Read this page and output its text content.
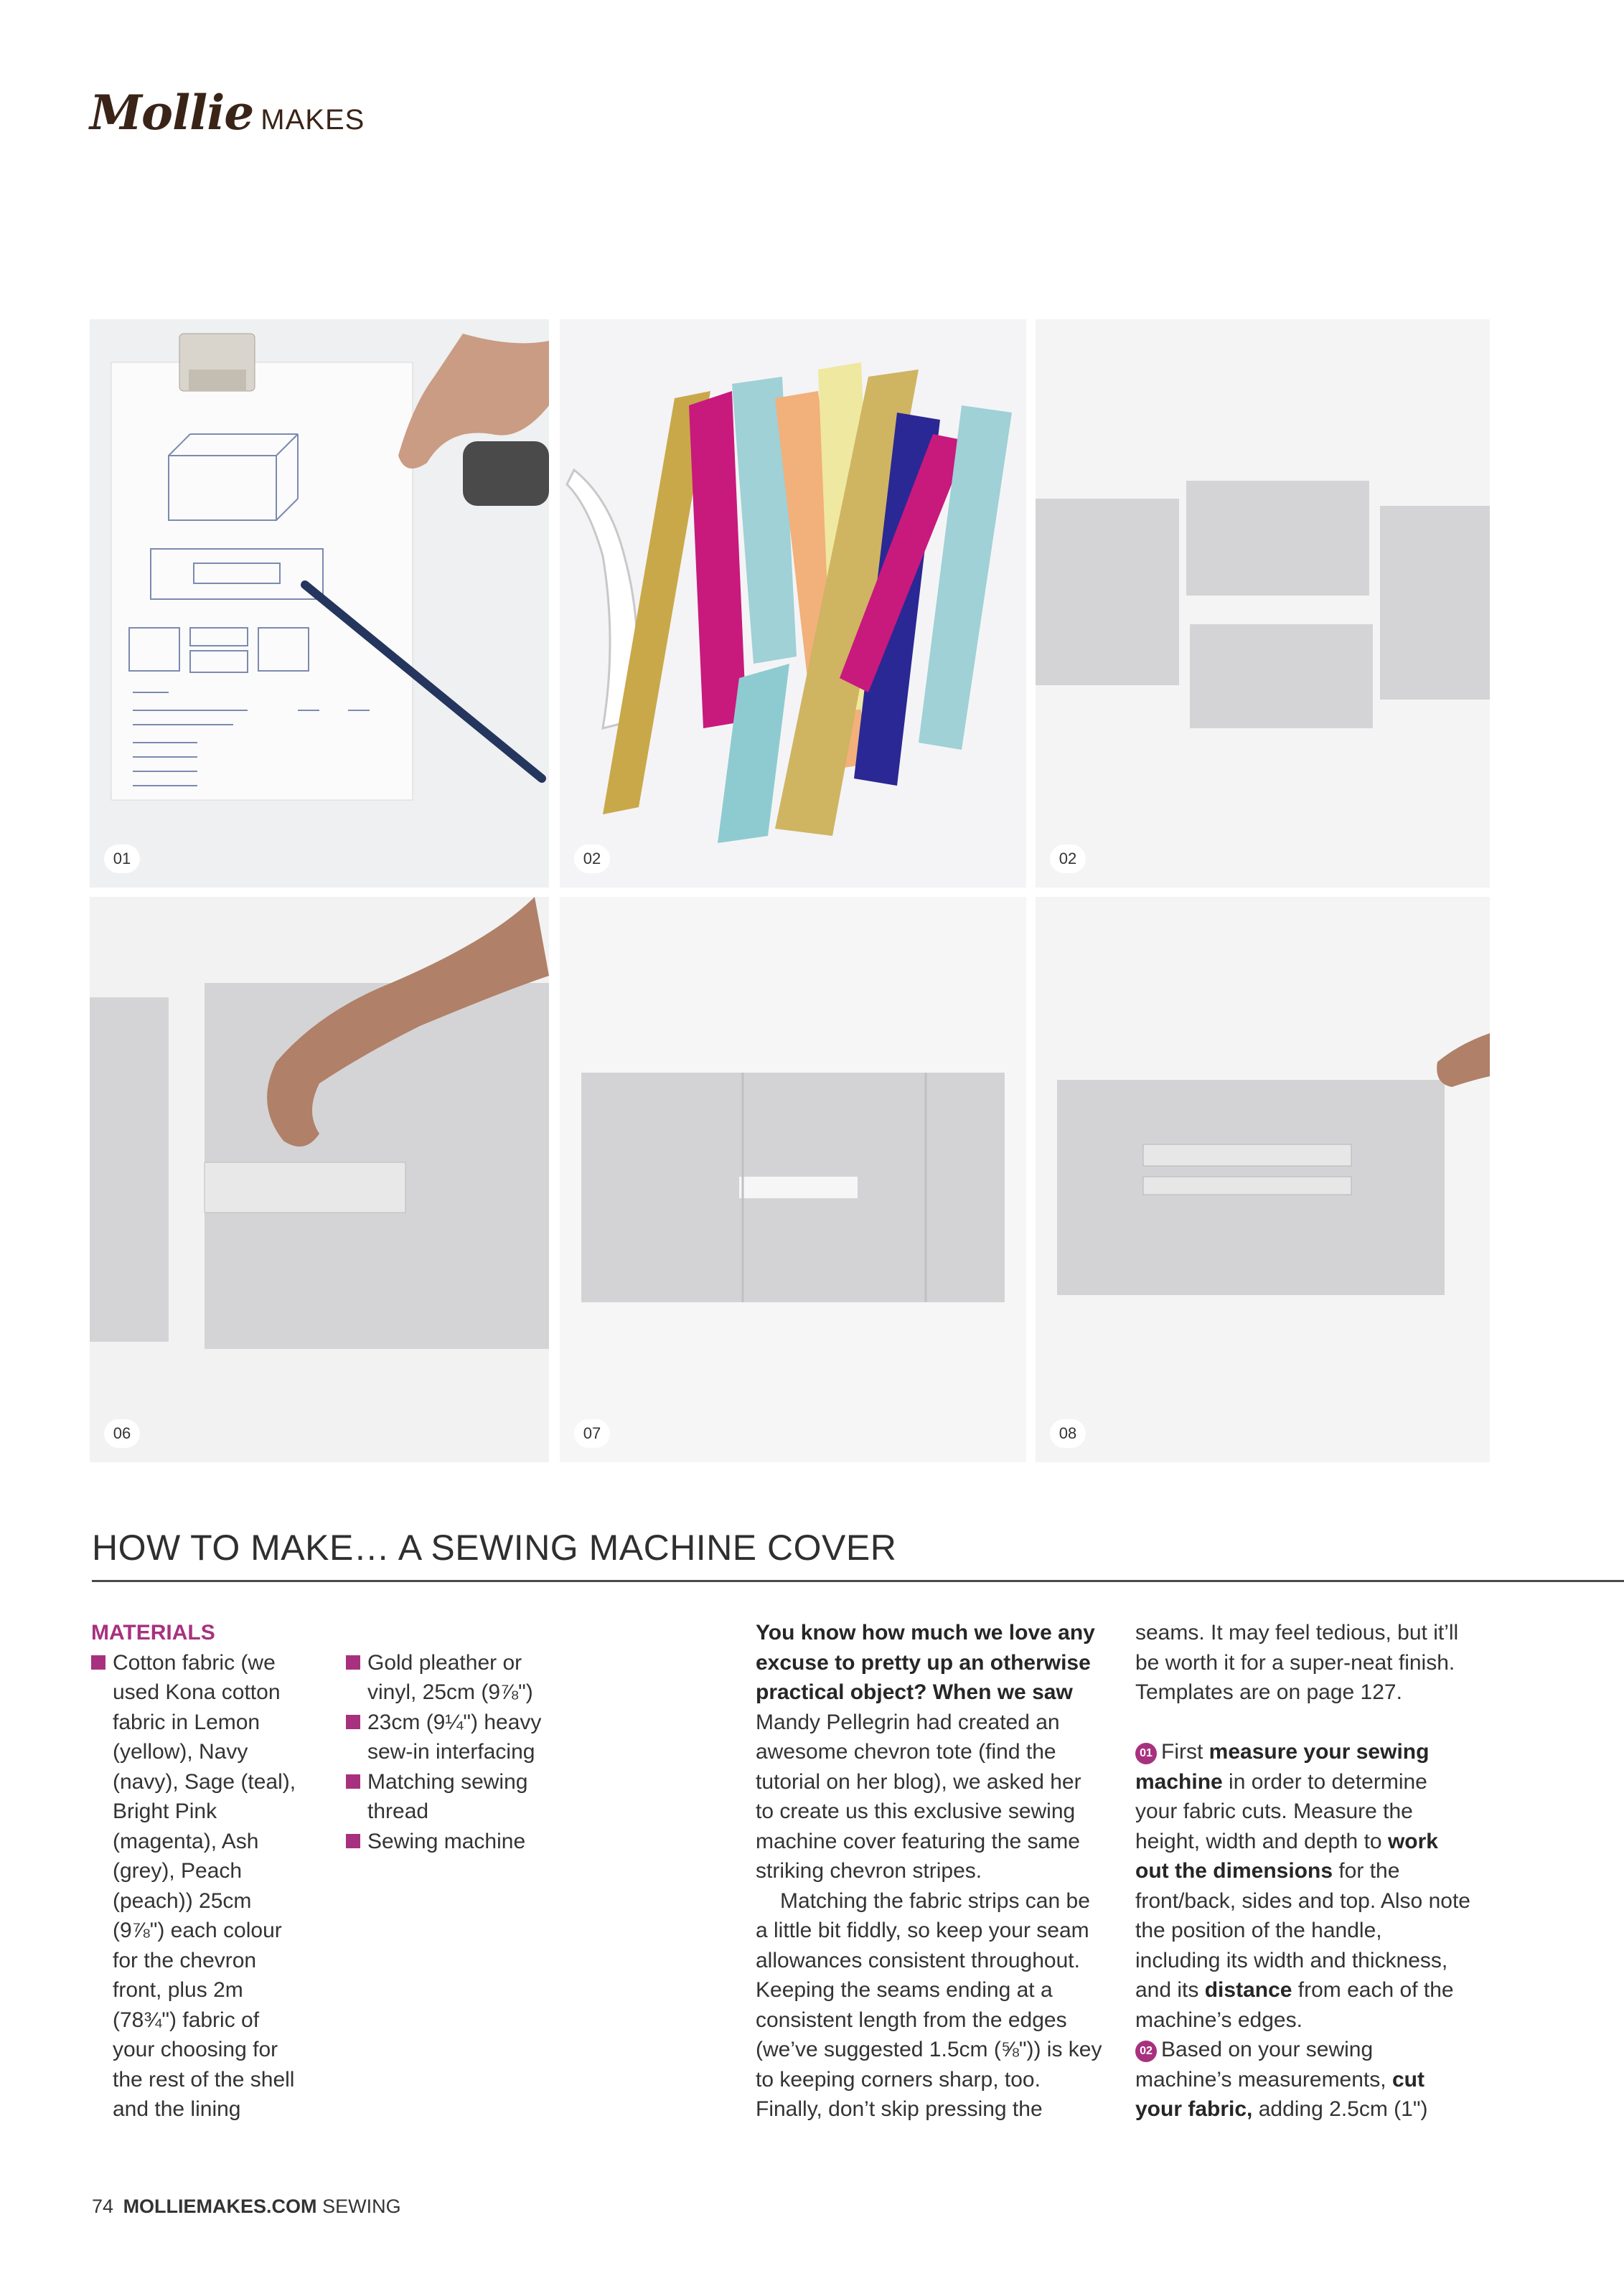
Mollie MAKES
01	02	02
06	07	08
HOW TO MAKE… A SEWING MACHINE COVER

MATERIALS

Cotton fabric (we used Kona cotton fabric in Lemon (yellow), Navy (navy), Sage (teal), Bright Pink (magenta), Ash (grey), Peach (peach)) 25cm (9⅞") each colour for the chevron front, plus 2m (78¾") fabric of your choosing for the rest of the shell and the lining
Gold pleather or vinyl, 25cm (9⅞")
23cm (9¼") heavy sew-in interfacing
Matching sewing thread
Sewing machine

You know how much we love any excuse to pretty up an otherwise practical object? When we saw Mandy Pellegrin had created an awesome chevron tote (find the tutorial on her blog), we asked her to create us this exclusive sewing machine cover featuring the same striking chevron stripes.

Matching the fabric strips can be a little bit fiddly, so keep your seam allowances consistent throughout. Keeping the seams ending at a consistent length from the edges (we’ve suggested 1.5cm (⅝")) is key to keeping corners sharp, too. Finally, don’t skip pressing the

seams. It may feel tedious, but it’ll be worth it for a super-neat finish. Templates are on page 127.

01 First measure your sewing machine in order to determine your fabric cuts. Measure the height, width and depth to work out the dimensions for the front/back, sides and top. Also note the position of the handle, including its width and thickness, and its distance from each of the machine’s edges.

02 Based on your sewing machine’s measurements, cut your fabric, adding 2.5cm (1")

74 MOLLIEMAKES.COM SEWING
